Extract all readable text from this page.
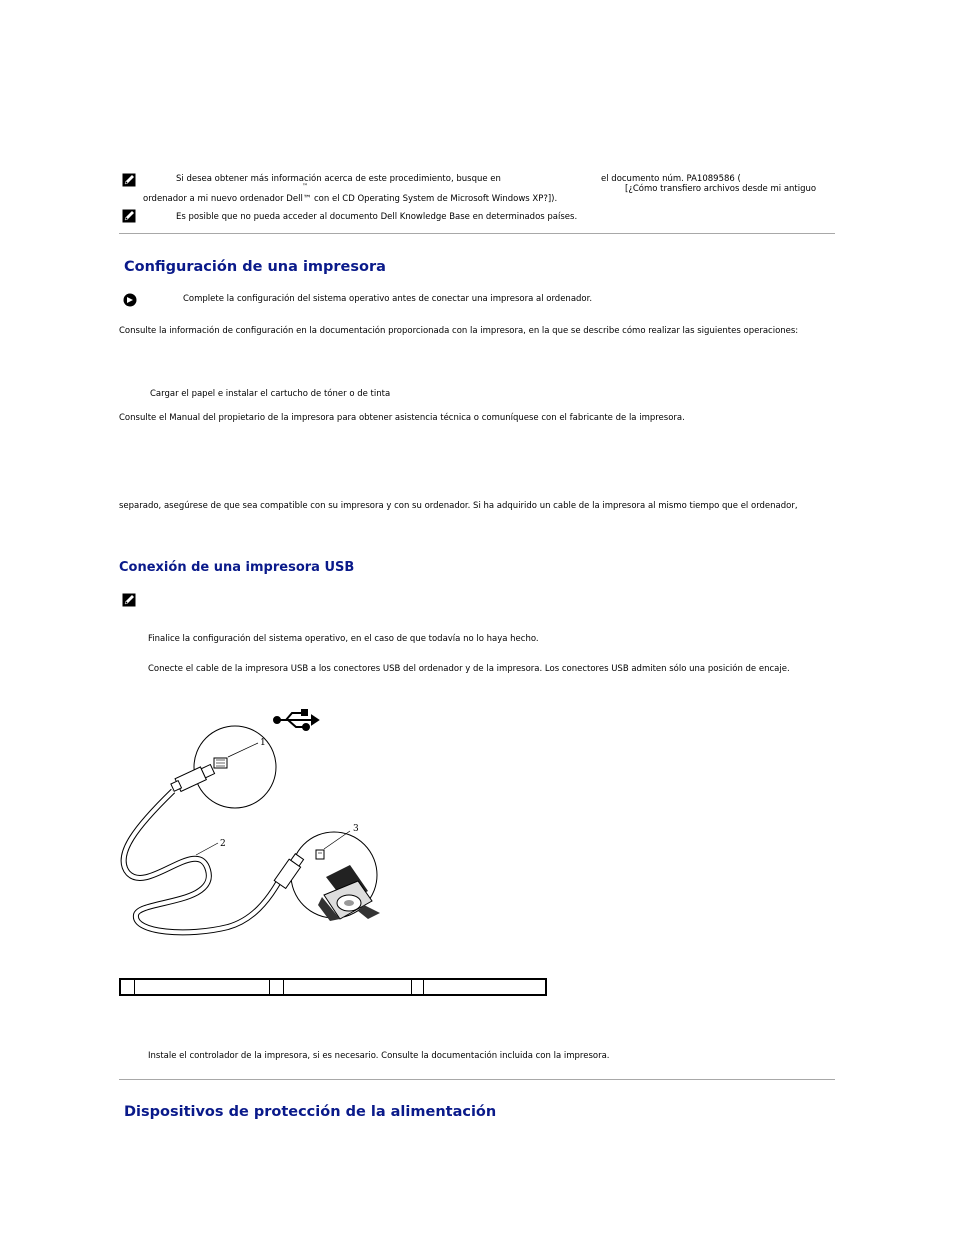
Si desea obtener más información acerca de este procedimiento, busque en	el documento núm. PA1089586 (
™	[¿Cómo transfiero archivos desde mi antiguo
ordenador a mi nuevo ordenador Dell™ con el CD Operating System de Microsoft Windows XP?]).
Es posible que no pueda acceder al documento Dell Knowledge Base en determinados países.
Configuración de una impresora
Complete la configuración del sistema operativo antes de conectar una impresora al ordenador.
Consulte la información de configuración en la documentación proporcionada con la impresora, en la que se describe cómo realizar las siguientes operaciones:
Cargar el papel e instalar el cartucho de tóner o de tinta
Consulte el Manual del propietario de la impresora para obtener asistencia técnica o comuníquese con el fabricante de la impresora.
separado, asegúrese de que sea compatible con su impresora y con su ordenador. Si ha adquirido un cable de la impresora al mismo tiempo que el ordenador,
Conexión de una impresora USB
Finalice la configuración del sistema operativo, en el caso de que todavía no lo haya hecho.
Conecte el cable de la impresora USB a los conectores USB del ordenador y de la impresora. Los conectores USB admiten sólo una posición de encaje.
1
2
3
Instale el controlador de la impresora, si es necesario. Consulte la documentación incluida con la impresora.
Dispositivos de protección de la alimentación
